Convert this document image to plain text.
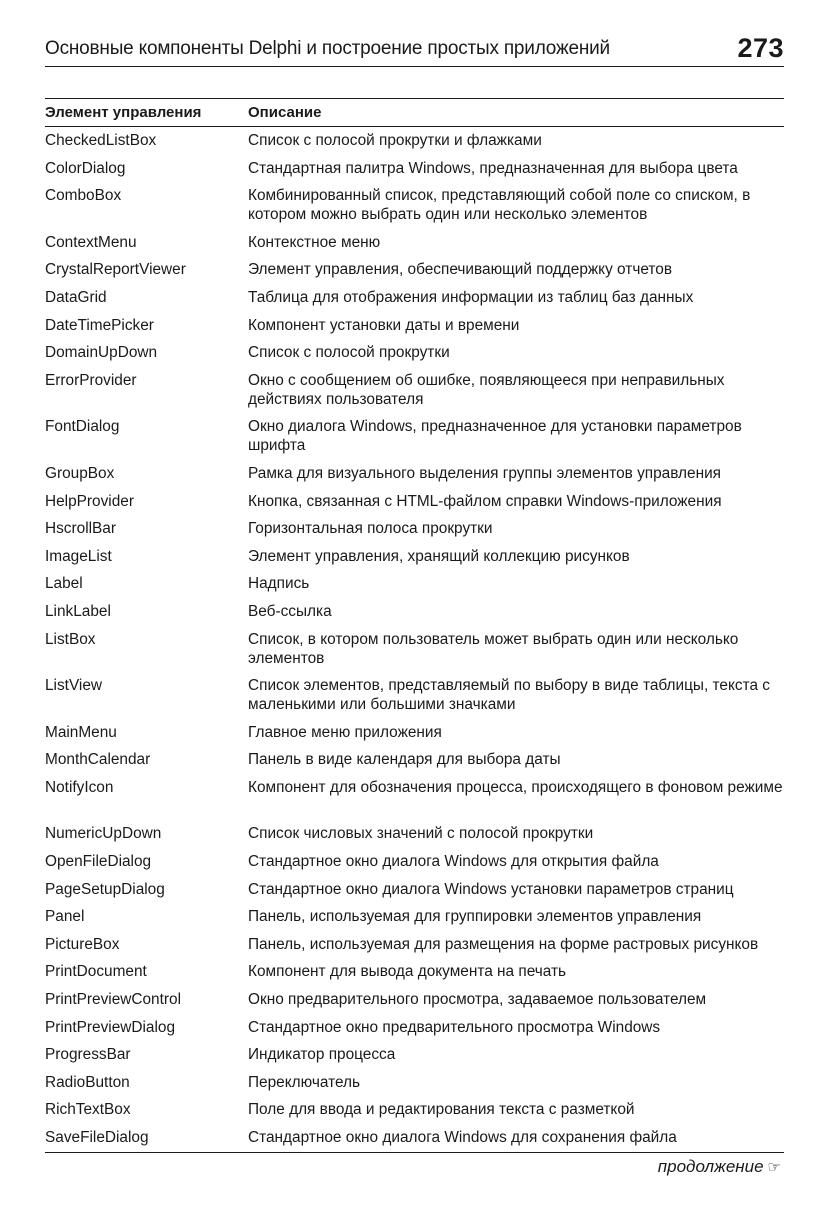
Основные компоненты Delphi и построение простых приложений	273
Элемент управления	Описание
CheckedListBox	Список с полосой прокрутки и флажками
ColorDialog	Стандартная палитра Windows, предназначенная для выбора цвета
ComboBox	Комбинированный список, представляющий собой поле со списком, в котором можно выбрать один или несколько элементов
ContextMenu	Контекстное меню
CrystalReportViewer	Элемент управления, обеспечивающий поддержку отчетов
DataGrid	Таблица для отображения информации из таблиц баз данных
DateTimePicker	Компонент установки даты и времени
DomainUpDown	Список с полосой прокрутки
ErrorProvider	Окно с сообщением об ошибке, появляющееся при неправильных действиях пользователя
FontDialog	Окно диалога Windows, предназначенное для установки параметров шрифта
GroupBox	Рамка для визуального выделения группы элементов управления
HelpProvider	Кнопка, связанная с HTML-файлом справки Windows-приложения
HscrollBar	Горизонтальная полоса прокрутки
ImageList	Элемент управления, хранящий коллекцию рисунков
Label	Надпись
LinkLabel	Веб-ссылка
ListBox	Список, в котором пользователь может выбрать один или несколько элементов
ListView	Список элементов, представляемый по выбору в виде таблицы, текста с маленькими или большими значками
MainMenu	Главное меню приложения
MonthCalendar	Панель в виде календаря для выбора даты
NotifyIcon	Компонент для обозначения процесса, происходящего в фоновом режиме
NumericUpDown	Список числовых значений с полосой прокрутки
OpenFileDialog	Стандартное окно диалога Windows для открытия файла
PageSetupDialog	Стандартное окно диалога Windows установки параметров страниц
Panel	Панель, используемая для группировки элементов управления
PictureBox	Панель, используемая для размещения на форме растровых рисунков
PrintDocument	Компонент для вывода документа на печать
PrintPreviewControl	Окно предварительного просмотра, задаваемое пользователем
PrintPreviewDialog	Стандартное окно предварительного просмотра Windows
ProgressBar	Индикатор процесса
RadioButton	Переключатель
RichTextBox	Поле для ввода и редактирования текста с разметкой
SaveFileDialog	Стандартное окно диалога Windows для сохранения файла
продолжение ☞
